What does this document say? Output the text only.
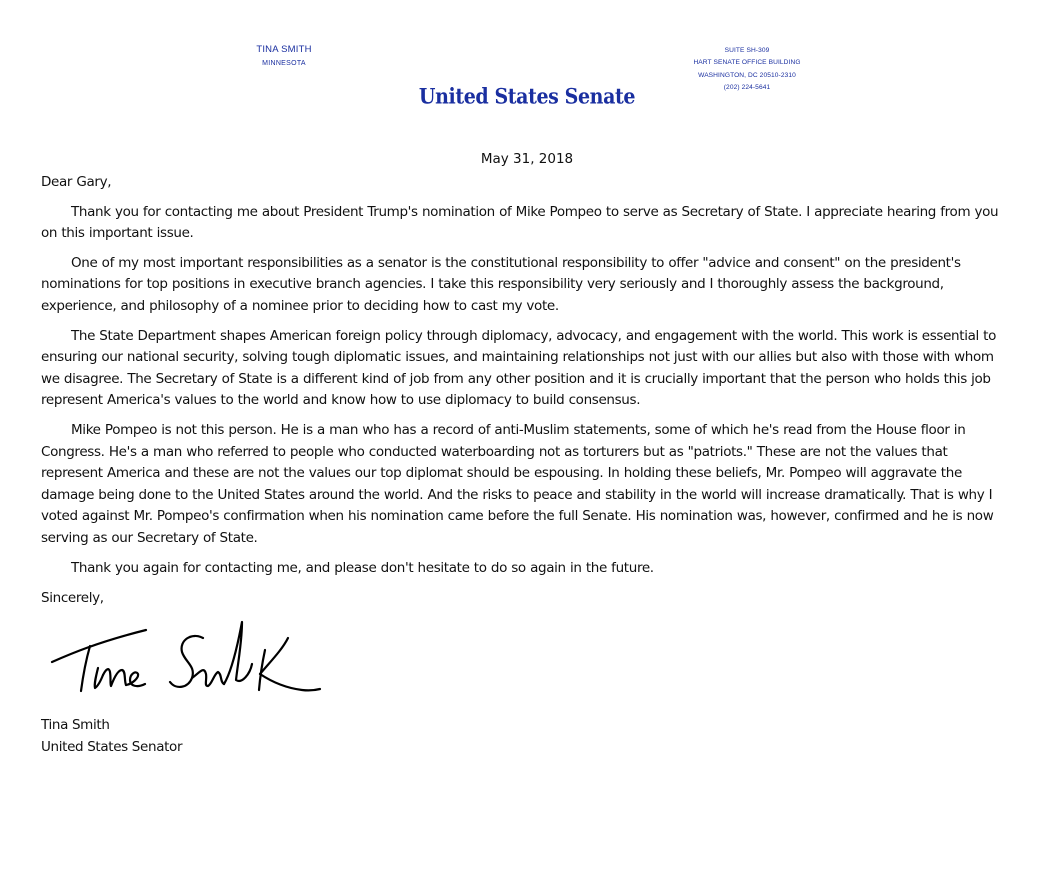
TINA SMITH
MINNESOTA
SUITE SH-309
HART SENATE OFFICE BUILDING
WASHINGTON, DC 20510-2310
(202) 224-5641
United States Senate
May 31, 2018

Dear Gary,

Thank you for contacting me about President Trump's nomination of Mike Pompeo to serve as Secretary of State. I appreciate hearing from you on this important issue.

One of my most important responsibilities as a senator is the constitutional responsibility to offer "advice and consent" on the president's nominations for top positions in executive branch agencies. I take this responsibility very seriously and I thoroughly assess the background, experience, and philosophy of a nominee prior to deciding how to cast my vote.

The State Department shapes American foreign policy through diplomacy, advocacy, and engagement with the world. This work is essential to ensuring our national security, solving tough diplomatic issues, and maintaining relationships not just with our allies but also with those with whom we disagree. The Secretary of State is a different kind of job from any other position and it is crucially important that the person who holds this job represent America's values to the world and know how to use diplomacy to build consensus.

Mike Pompeo is not this person. He is a man who has a record of anti-Muslim statements, some of which he's read from the House floor in Congress. He's a man who referred to people who conducted waterboarding not as torturers but as "patriots." These are not the values that represent America and these are not the values our top diplomat should be espousing. In holding these beliefs, Mr. Pompeo will aggravate the damage being done to the United States around the world. And the risks to peace and stability in the world will increase dramatically. That is why I voted against Mr. Pompeo's confirmation when his nomination came before the full Senate. His nomination was, however, confirmed and he is now serving as our Secretary of State.

Thank you again for contacting me, and please don't hesitate to do so again in the future.

Sincerely,

Tina Smith
United States Senator
